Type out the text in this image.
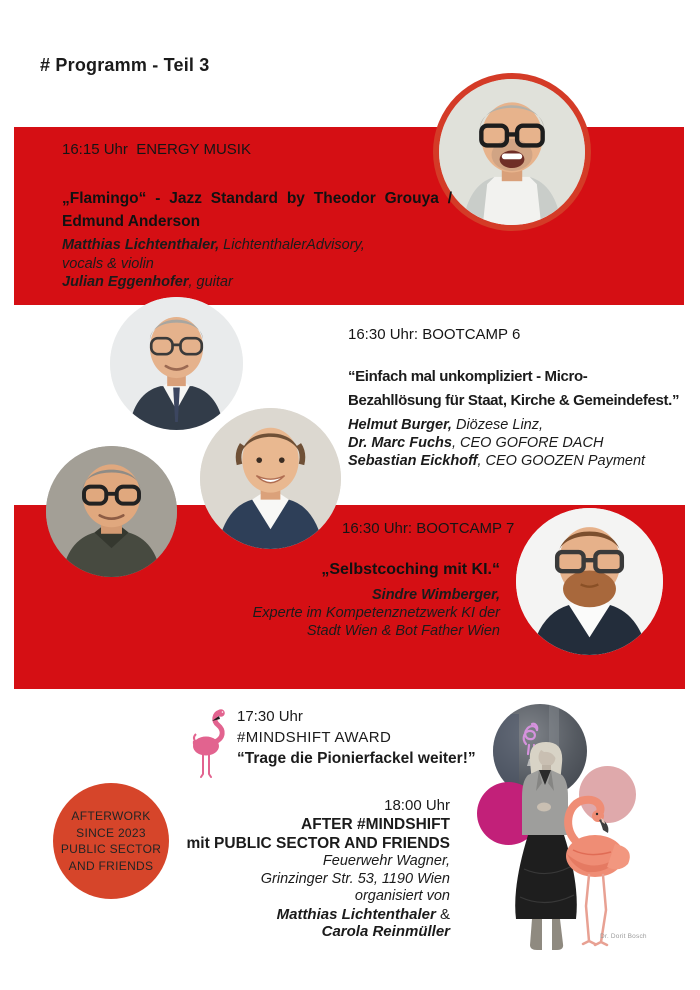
# Programm - Teil 3
16:15 Uhr  ENERGY MUSIK
„Flamingo“ - Jazz Standard by Theodor Grouya /
Edmund Anderson
Matthias Lichtenthaler, LichtenthalerAdvisory,
vocals & violin
Julian Eggenhofer, guitar
16:30 Uhr: BOOTCAMP 6
“Einfach mal unkompliziert - Micro-
Bezahllösung für Staat, Kirche & Gemeindefest.”
Helmut Burger, Diözese Linz,
Dr. Marc Fuchs, CEO GOFORE DACH
Sebastian Eickhoff, CEO GOOZEN Payment
16:30 Uhr: BOOTCAMP 7
„Selbstcoching mit KI.“
Sindre Wimberger,
Experte im Kompetenznetzwerk KI der
Stadt Wien & Bot Father Wien
17:30 Uhr
#MINDSHIFT AWARD
“Trage die Pionierfackel weiter!”
AFTERWORK
SINCE 2023
PUBLIC SECTOR
AND FRIENDS
18:00 Uhr
AFTER #MINDSHIFT
mit PUBLIC SECTOR AND FRIENDS
Feuerwehr Wagner,
Grinzinger Str. 53, 1190 Wien
organisiert von
Matthias Lichtenthaler &
Carola Reinmüller	Dr. Dorit Bosch
